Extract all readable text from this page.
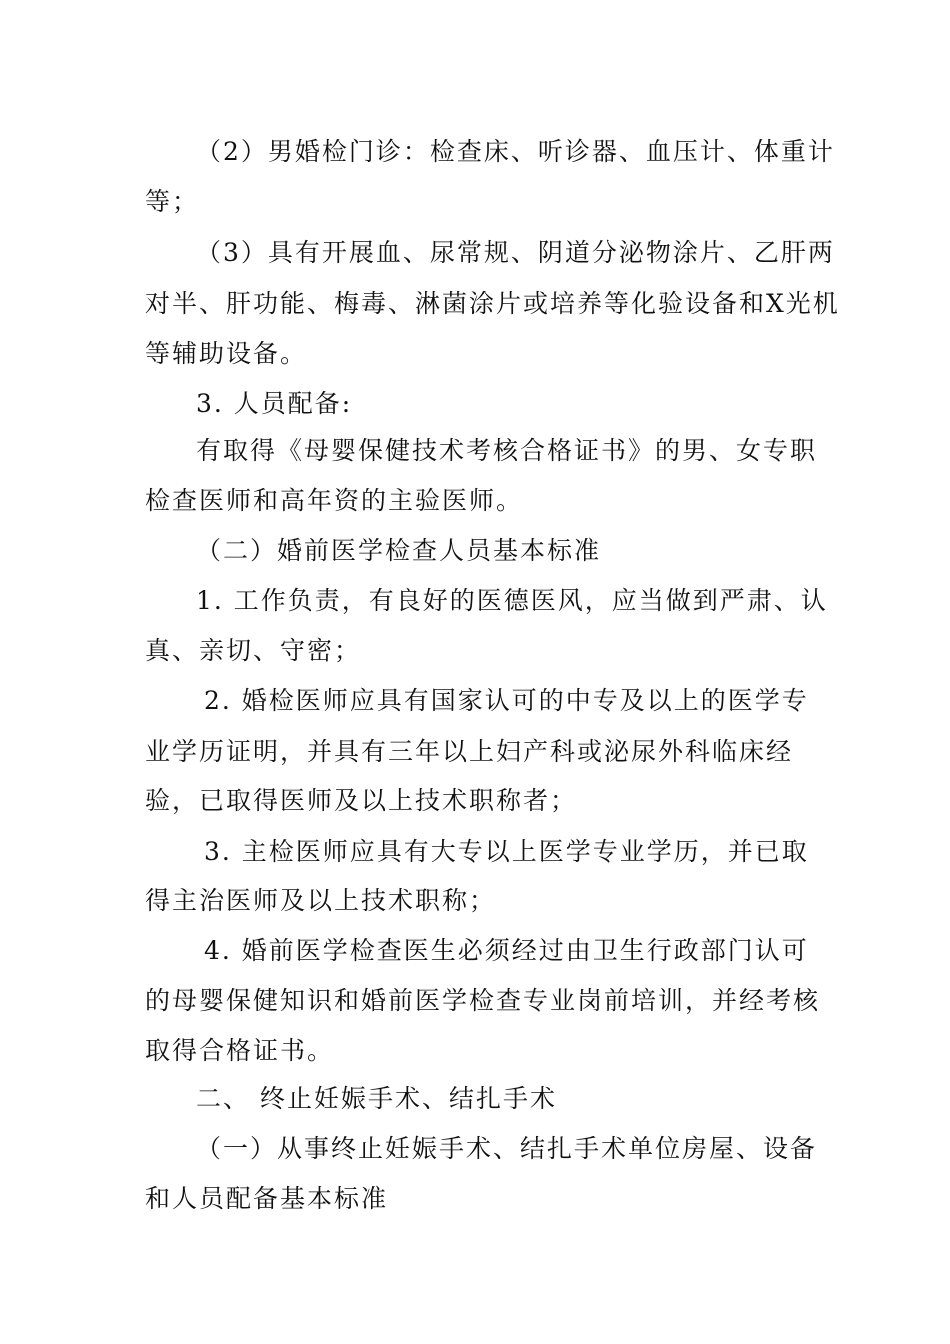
（2）男婚检门诊：检查床、听诊器、血压计、体重计

等；

（3）具有开展血、尿常规、阴道分泌物涂片、乙肝两

对半、肝功能、梅毒、淋菌涂片或培养等化验设备和X光机

等辅助设备。

3. 人员配备:

有取得《母婴保健技术考核合格证书》的男、女专职

检查医师和高年资的主验医师。

（二）婚前医学检查人员基本标准

1. 工作负责，有良好的医德医风，应当做到严肃、认

真、亲切、守密；

2. 婚检医师应具有国家认可的中专及以上的医学专

业学历证明，并具有三年以上妇产科或泌尿外科临床经

验，已取得医师及以上技术职称者；

3. 主检医师应具有大专以上医学专业学历，并已取

得主治医师及以上技术职称；

4. 婚前医学检查医生必须经过由卫生行政部门认可

的母婴保健知识和婚前医学检查专业岗前培训，并经考核

取得合格证书。

二、 终止妊娠手术、结扎手术

（一）从事终止妊娠手术、结扎手术单位房屋、设备

和人员配备基本标准
